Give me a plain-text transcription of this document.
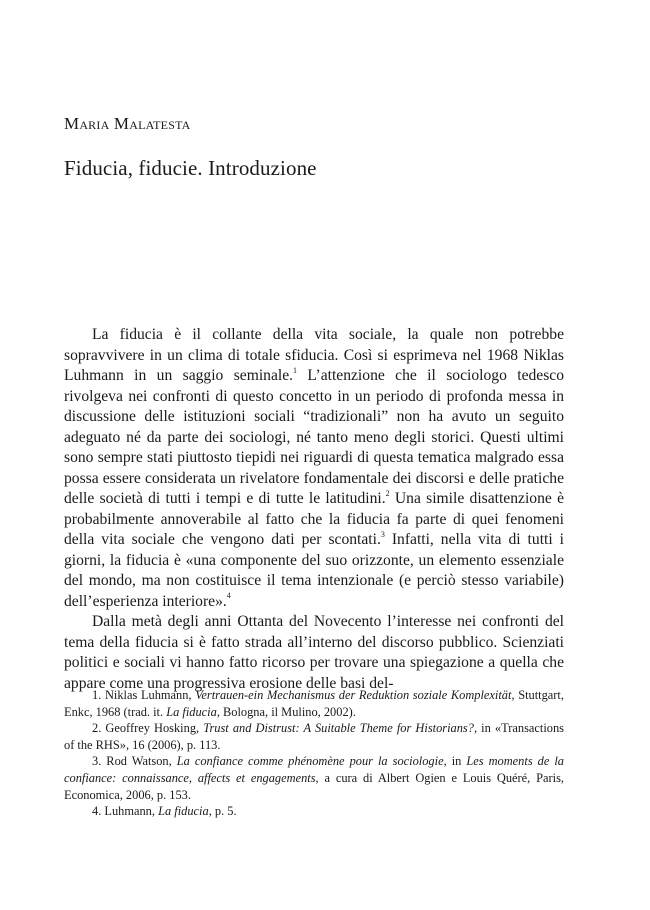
Maria Malatesta
Fiducia, fiducie. Introduzione

La fiducia è il collante della vita sociale, la quale non potrebbe sopravvivere in un clima di totale sfiducia. Così si esprimeva nel 1968 Niklas Luhmann in un saggio seminale.$^1$ L’attenzione che il sociologo tedesco rivolgeva nei confronti di questo concetto in un periodo di profonda messa in discussione delle istituzioni sociali “tradizionali” non ha avuto un seguito adeguato né da parte dei sociologi, né tanto meno degli storici. Questi ultimi sono sempre stati piuttosto tiepidi nei riguardi di questa tematica malgrado essa possa essere considerata un rivelatore fondamentale dei discorsi e delle pratiche delle società di tutti i tempi e di tutte le latitudini.$^2$ Una simile disattenzione è probabilmente annoverabile al fatto che la fiducia fa parte di quei fenomeni della vita sociale che vengono dati per scontati.$^3$ Infatti, nella vita di tutti i giorni, la fiducia è «una componente del suo orizzonte, un elemento essenziale del mondo, ma non costituisce il tema intenzionale (e perciò stesso variabile) dell’esperienza interiore».$^4$

Dalla metà degli anni Ottanta del Novecento l’interesse nei confronti del tema della fiducia si è fatto strada all’interno del discorso pubblico. Scienziati politici e sociali vi hanno fatto ricorso per trovare una spiegazione a quella che appare come una progressiva erosione delle basi del-

1. Niklas Luhmann, Vertrauen-ein Mechanismus der Reduktion soziale Komplexität, Stuttgart, Enkc, 1968 (trad. it. La fiducia, Bologna, il Mulino, 2002).

2. Geoffrey Hosking, Trust and Distrust: A Suitable Theme for Historians?, in «Transactions of the RHS», 16 (2006), p. 113.

3. Rod Watson, La confiance comme phénomène pour la sociologie, in Les moments de la confiance: connaissance, affects et engagements, a cura di Albert Ogien e Louis Quéré, Paris, Economica, 2006, p. 153.

4. Luhmann, La fiducia, p. 5.
